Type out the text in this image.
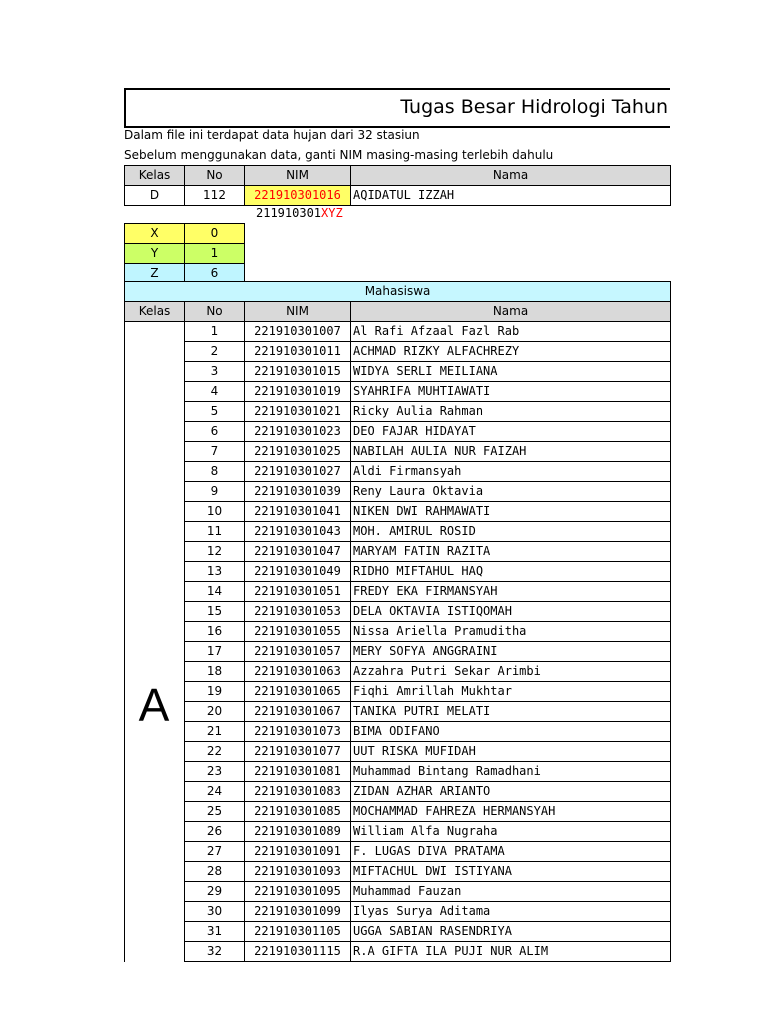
Tugas Besar Hidrologi Tahun
Dalam file ini terdapat data hujan dari 32 stasiun
Sebelum menggunakan data, ganti NIM masing-masing terlebih dahulu
Kelas	No	NIM	Nama
D	112	221910301016	AQIDATUL IZZAH
211910301XYZ
X	0
Y	1
Z	6
Mahasiswa			
Kelas	No	NIM	Nama
	1	221910301007	Al Rafi Afzaal Fazl Rab
	2	221910301011	ACHMAD RIZKY ALFACHREZY
	3	221910301015	WIDYA SERLI MEILIANA
	4	221910301019	SYAHRIFA MUHTIAWATI
	5	221910301021	Ricky Aulia Rahman
	6	221910301023	DEO FAJAR HIDAYAT
	7	221910301025	NABILAH AULIA NUR FAIZAH
	8	221910301027	Aldi Firmansyah
	9	221910301039	Reny Laura Oktavia
	10	221910301041	NIKEN DWI RAHMAWATI
	11	221910301043	MOH. AMIRUL ROSID
	12	221910301047	MARYAM FATIN RAZITA
	13	221910301049	RIDHO MIFTAHUL HAQ
	14	221910301051	FREDY EKA FIRMANSYAH
	15	221910301053	DELA OKTAVIA ISTIQOMAH
	16	221910301055	Nissa Ariella Pramuditha
	17	221910301057	MERY SOFYA ANGGRAINI
	18	221910301063	Azzahra Putri Sekar Arimbi
	19	221910301065	Fiqhi Amrillah Mukhtar
	20	221910301067	TANIKA PUTRI MELATI
	21	221910301073	BIMA ODIFANO
	22	221910301077	UUT RISKA MUFIDAH
	23	221910301081	Muhammad Bintang Ramadhani
	24	221910301083	ZIDAN AZHAR ARIANTO
	25	221910301085	MOCHAMMAD FAHREZA HERMANSYAH
	26	221910301089	William Alfa Nugraha
	27	221910301091	F. LUGAS DIVA PRATAMA
	28	221910301093	MIFTACHUL DWI ISTIYANA
	29	221910301095	Muhammad Fauzan
	30	221910301099	Ilyas Surya Aditama
	31	221910301105	UGGA SABIAN RASENDRIYA
	32	221910301115	R.A GIFTA ILA PUJI NUR ALIM
A
